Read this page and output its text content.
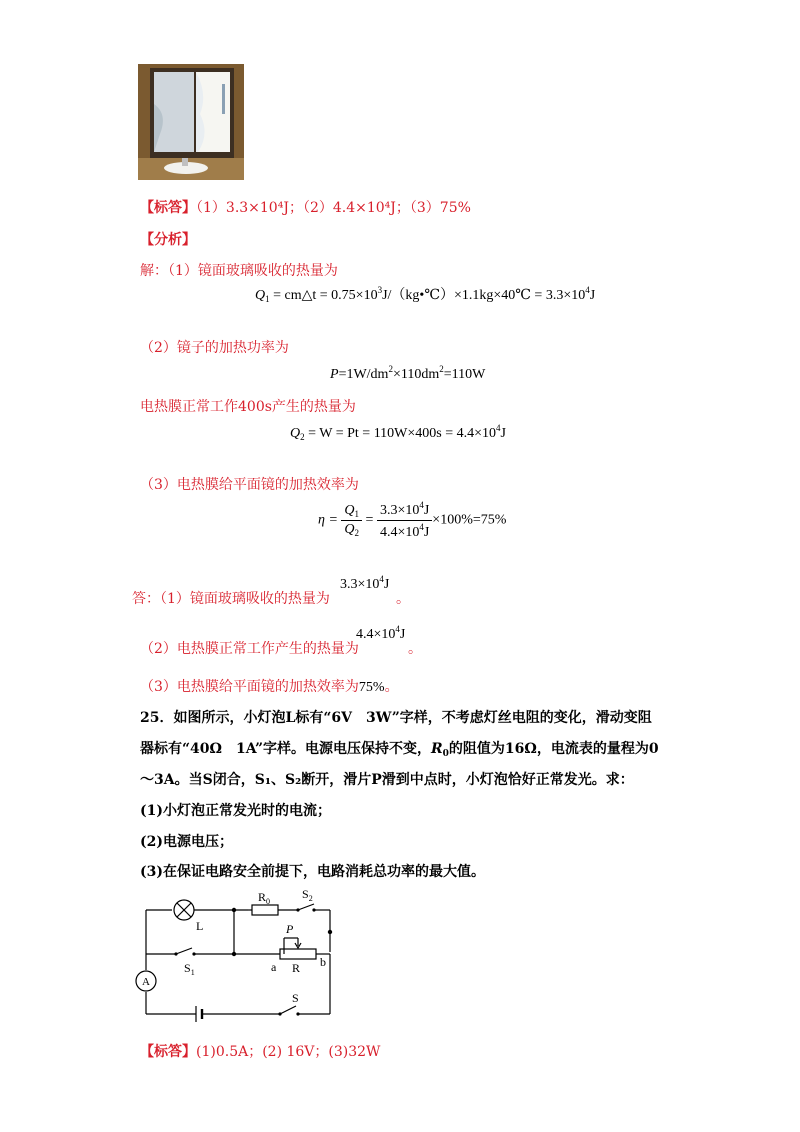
【标答】（1）3.3×10⁴J；（2）4.4×10⁴J；（3）75%
【分析】
解：（1）镜面玻璃吸收的热量为
$Q_1$ = cm△t = $0.75\times 10^3J/(kg•℃)\times 1.1kg\times 40℃ = 3.3\times 10^4J$
（2）镜子的加热功率为
$P=1W/dm^2\times 110dm^2=110W$
电热膜正常工作400s产生的热量为
$Q_2 = W = Pt = 110W\times 400s = 4.4\times 10^4J$
（3）电热膜给平面镜的加热效率为
$\eta = \frac{Q_1}{Q_2} = \frac{3.3\times 10^4J}{4.4\times 10^4J} \times 100\%=75\%$
答：（1）镜面玻璃吸收的热量为
$3.3\times 10^4J$
。
（2）电热膜正常工作产生的热量为
$4.4\times 10^4J$
。
（3）电热膜给平面镜的加热效率为75%。
25．如图所示，小灯泡L标有“6V　3W”字样，不考虑灯丝电阻的变化，滑动变阻
器标有“40Ω　1A”字样。电源电压保持不变，$R_0$的阻值为16Ω，电流表的量程为0
～3A。当S闭合，S₁、S₂断开，滑片P滑到中点时，小灯泡恰好正常发光。求：
(1)小灯泡正常发光时的电流；
(2)电源电压；
(3)在保证电路安全前提下，电路消耗总功率的最大值。
L
$R_0$
$S_2$
$S_1$
P
a R b
A
S
【标答】(1)0.5A；(2) 16V；(3)32W
